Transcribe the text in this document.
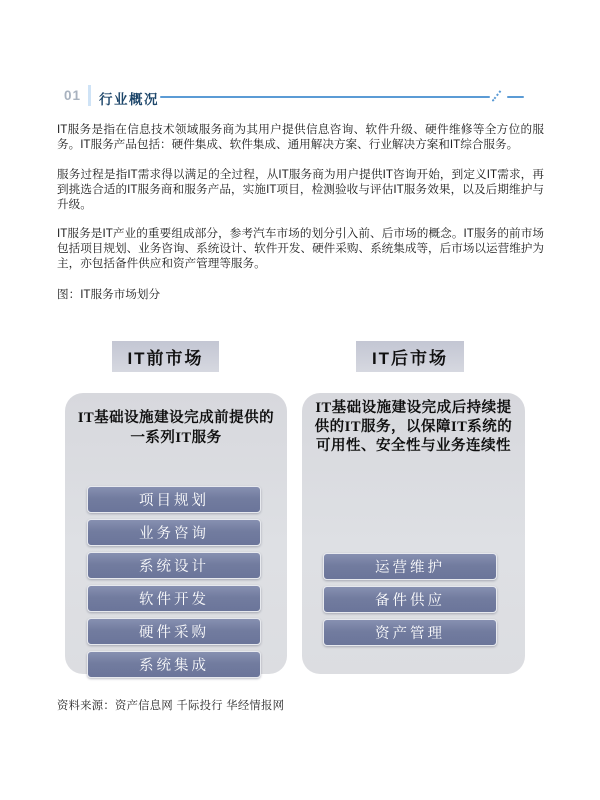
01 行业概况

IT服务是指在信息技术领域服务商为其用户提供信息咨询、软件升级、硬件维修等全方位的服务。IT服务产品包括：硬件集成、软件集成、通用解决方案、行业解决方案和IT综合服务。

服务过程是指IT需求得以满足的全过程，从IT服务商为用户提供IT咨询开始，到定义IT需求，再到挑选合适的IT服务商和服务产品，实施IT项目，检测验收与评估IT服务效果，以及后期维护与升级。

IT服务是IT产业的重要组成部分，参考汽车市场的划分引入前、后市场的概念。IT服务的前市场包括项目规划、业务咨询、系统设计、软件开发、硬件采购、系统集成等，后市场以运营维护为主，亦包括备件供应和资产管理等服务。

图：IT服务市场划分

IT前市场	IT后市场
IT基础设施建设完成前提供的一系列IT服务
IT基础设施建设完成后持续提供的IT服务，以保障IT系统的可用性、安全性与业务连续性
项目规划
业务咨询
系统设计
软件开发
硬件采购
系统集成
运营维护
备件供应
资产管理
资料来源：资产信息网 千际投行 华经情报网
